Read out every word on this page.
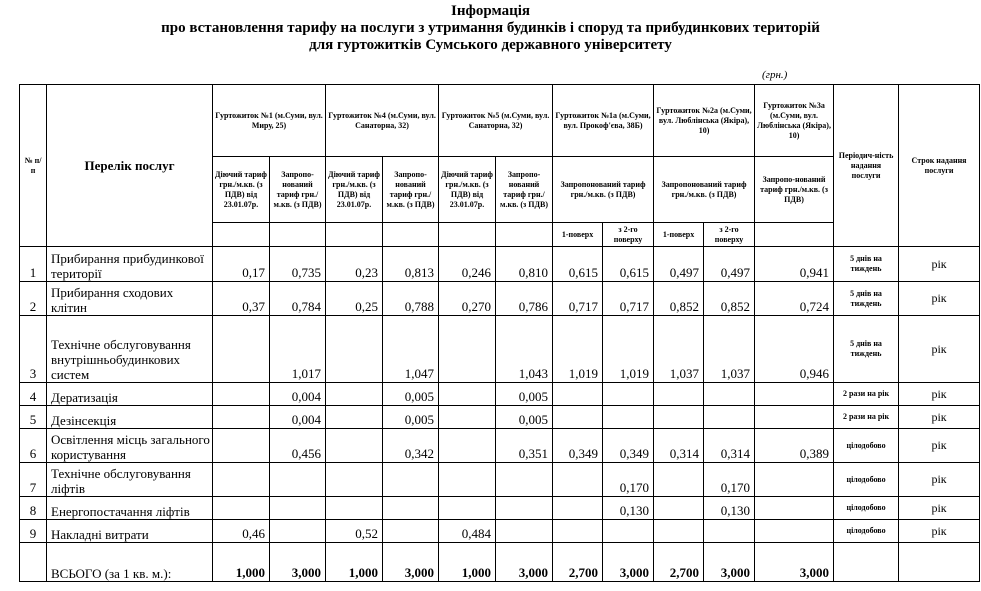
Інформація
про встановлення тарифу на послуги з утримання будинків і споруд та прибудинкових територій
для гуртожитків Сумського державного університету
(грн.)
№ п/ п	Перелік послуг	Гуртожиток №1 (м.Суми, вул. Миру, 25)		Гуртожиток №4 (м.Суми, вул. Санаторна, 32)		Гуртожиток №5 (м.Суми, вул. Санаторна, 32)		Гуртожиток №1а (м.Суми, вул. Прокоф'єва, 38Б)		Гуртожиток №2а (м.Суми, вул. Люблінська (Якіра), 10)		Гуртожиток №3а (м.Суми, вул. Люблінська (Якіра), 10)	Періодич-ність надання послуги	Строк надання послуги
		Діючий тариф грн./м.кв. (з ПДВ) від 23.01.07р.	Запропо-нований тариф грн./м.кв. (з ПДВ)	Діючий тариф грн./м.кв. (з ПДВ) від 23.01.07р.	Запропо-нований тариф грн./м.кв. (з ПДВ)	Діючий тариф грн./м.кв. (з ПДВ) від 23.01.07р.	Запропо-нований тариф грн./м.кв. (з ПДВ)	Запропонований тариф грн./м.кв. (з ПДВ)		Запропонований тариф грн./м.кв. (з ПДВ)		Запропо-нований тариф грн./м.кв. (з ПДВ)		
								1-поверх	з 2-го поверху	1-поверх	з 2-го поверху			
1	Прибирання прибудинкової території	0,17	0,735	0,23	0,813	0,246	0,810	0,615	0,615	0,497	0,497	0,941	5 днів на тиждень	рік
2	Прибирання сходових клітин	0,37	0,784	0,25	0,788	0,270	0,786	0,717	0,717	0,852	0,852	0,724	5 днів на тиждень	рік
3	Технічне обслуговування внутрішньобудинкових систем		1,017		1,047		1,043	1,019	1,019	1,037	1,037	0,946	5 днів на тиждень	рік
4	Дератизація		0,004		0,005		0,005						2 рази на рік	рік
5	Дезінсекція		0,004		0,005		0,005						2 рази на рік	рік
6	Освітлення місць загального користування		0,456		0,342		0,351	0,349	0,349	0,314	0,314	0,389	цілодобово	рік
7	Технічне обслуговування ліфтів								0,170		0,170		цілодобово	рік
8	Енергопостачання ліфтів								0,130		0,130		цілодобово	рік
9	Накладні витрати	0,46		0,52		0,484							цілодобово	рік
	ВСЬОГО (за 1 кв. м.):	1,000	3,000	1,000	3,000	1,000	3,000	2,700	3,000	2,700	3,000	3,000		
